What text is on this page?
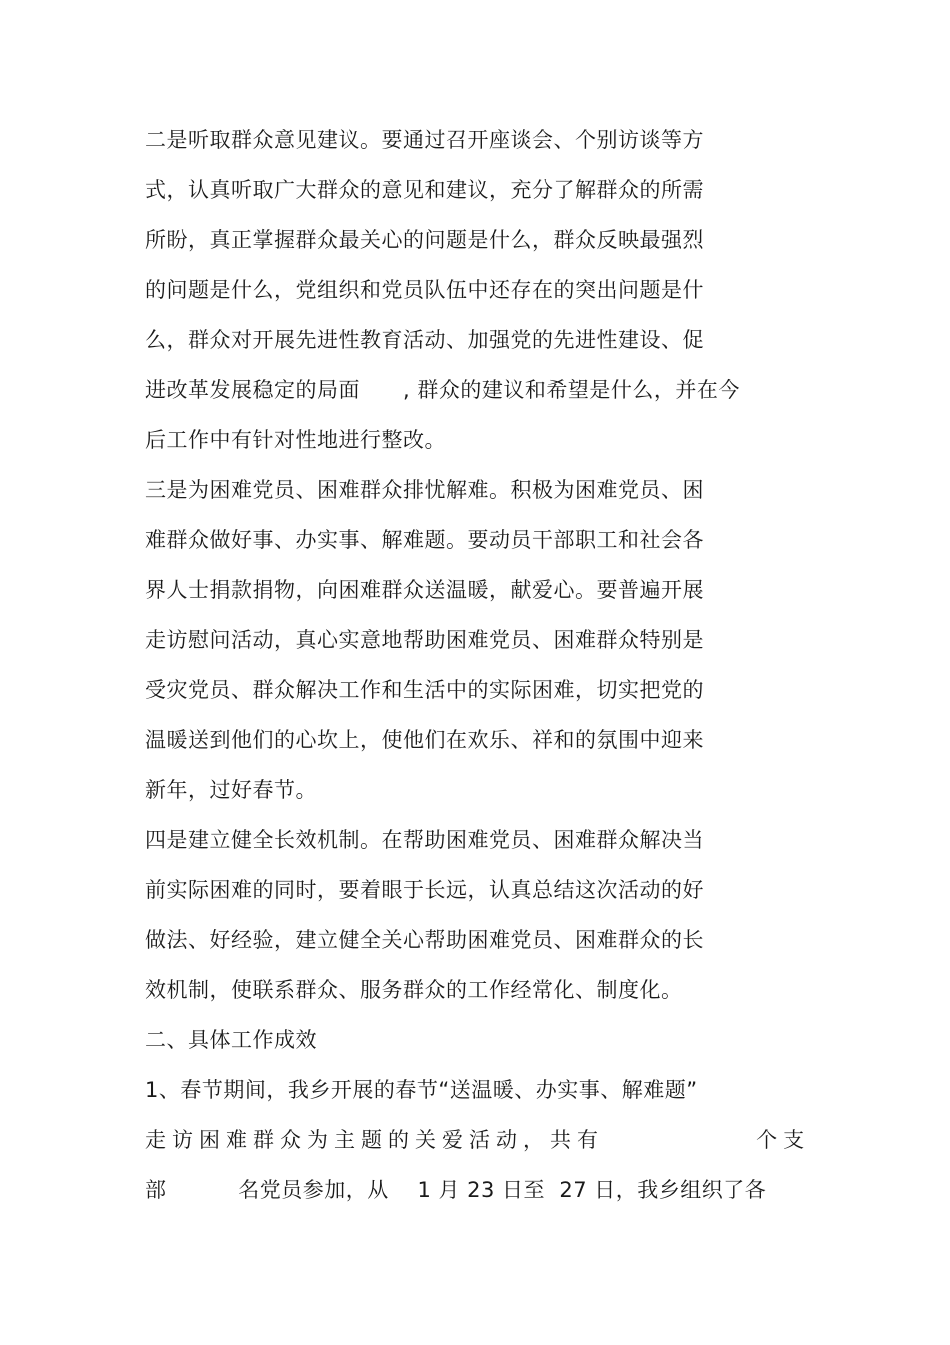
二是听取群众意见建议。要通过召开座谈会、个别访谈等方
式，认真听取广大群众的意见和建议，充分了解群众的所需
所盼，真正掌握群众最关心的问题是什么，群众反映最强烈
的问题是什么，党组织和党员队伍中还存在的突出问题是什
么，群众对开展先进性教育活动、加强党的先进性建设、促
进改革发展稳定的局面      , 群众的建议和希望是什么，并在今
后工作中有针对性地进行整改。
三是为困难党员、困难群众排忧解难。积极为困难党员、困
难群众做好事、办实事、解难题。要动员干部职工和社会各
界人士捐款捐物，向困难群众送温暖，献爱心。要普遍开展
走访慰问活动，真心实意地帮助困难党员、困难群众特别是
受灾党员、群众解决工作和生活中的实际困难，切实把党的
温暖送到他们的心坎上，使他们在欢乐、祥和的氛围中迎来
新年，过好春节。
四是建立健全长效机制。在帮助困难党员、困难群众解决当
前实际困难的同时，要着眼于长远，认真总结这次活动的好
做法、好经验，建立健全关心帮助困难党员、困难群众的长
效机制，使联系群众、服务群众的工作经常化、制度化。
二、具体工作成效
1、春节期间，我乡开展的春节“送温暖、办实事、解难题”
走访困难群众为主题的关爱活动，共有            个支
部          名党员参加，从    1 月 23 日至  27 日，我乡组织了各
